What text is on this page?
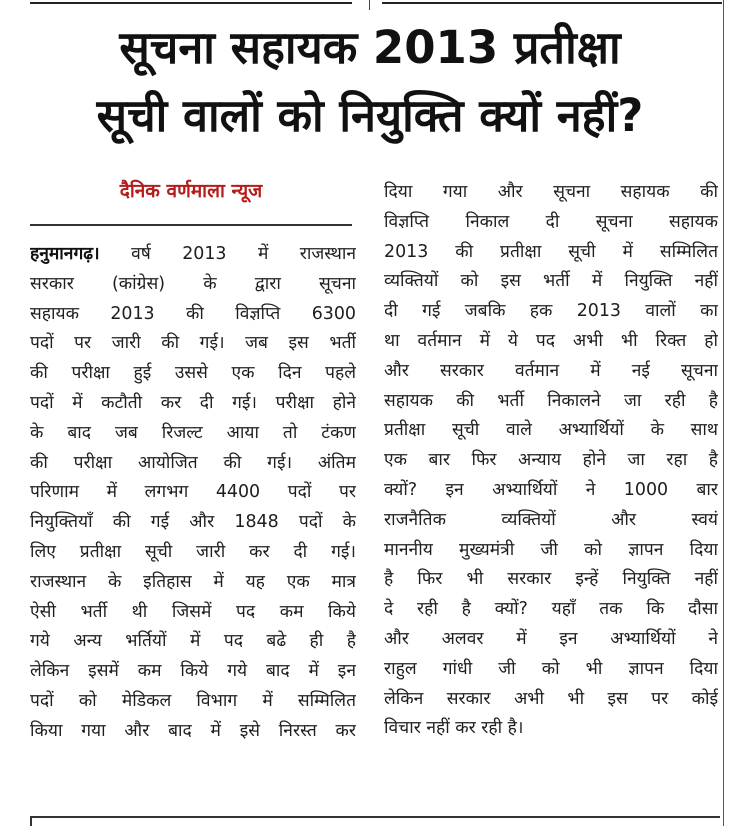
सूचना सहायक 2013 प्रतीक्षा
सूची वालों को नियुक्ति क्यों नहीं?
दैनिक वर्णमाला न्यूज
हनुमानगढ़। वर्ष 2013 में राजस्थान
सरकार (कांग्रेस) के द्वारा सूचना
सहायक 2013 की विज्ञप्ति 6300
पदों पर जारी की गई। जब इस भर्ती
की परीक्षा हुई उससे एक दिन पहले
पदों में कटौती कर दी गई। परीक्षा होने
के बाद जब रिजल्ट आया तो टंकण
की परीक्षा आयोजित की गई। अंतिम
परिणाम में लगभग 4400 पदों पर
नियुक्तियाँ की गई और 1848 पदों के
लिए प्रतीक्षा सूची जारी कर दी गई।
राजस्थान के इतिहास में यह एक मात्र
ऐसी भर्ती थी जिसमें पद कम किये
गये अन्य भर्तियों में पद बढे ही है
लेकिन इसमें कम किये गये बाद में इन
पदों को मेडिकल विभाग में सम्मिलित
किया गया और बाद में इसे निरस्त कर
दिया गया और सूचना सहायक की
विज्ञप्ति निकाल दी सूचना सहायक
2013 की प्रतीक्षा सूची में सम्मिलित
व्यक्तियों को इस भर्ती में नियुक्ति नहीं
दी गई जबकि हक 2013 वालों का
था वर्तमान में ये पद अभी भी रिक्त हो
और सरकार वर्तमान में नई सूचना
सहायक की भर्ती निकालने जा रही है
प्रतीक्षा सूची वाले अभ्यार्थियों के साथ
एक बार फिर अन्याय होने जा रहा है
क्यों? इन अभ्यार्थियों ने 1000 बार
राजनैतिक व्यक्तियों और स्वयं
माननीय मुख्यमंत्री जी को ज्ञापन दिया
है फिर भी सरकार इन्हें नियुक्ति नहीं
दे रही है क्यों? यहाँ तक कि दौसा
और अलवर में इन अभ्यार्थियों ने
राहुल गांधी जी को भी ज्ञापन दिया
लेकिन सरकार अभी भी इस पर कोई
विचार नहीं कर रही है।
